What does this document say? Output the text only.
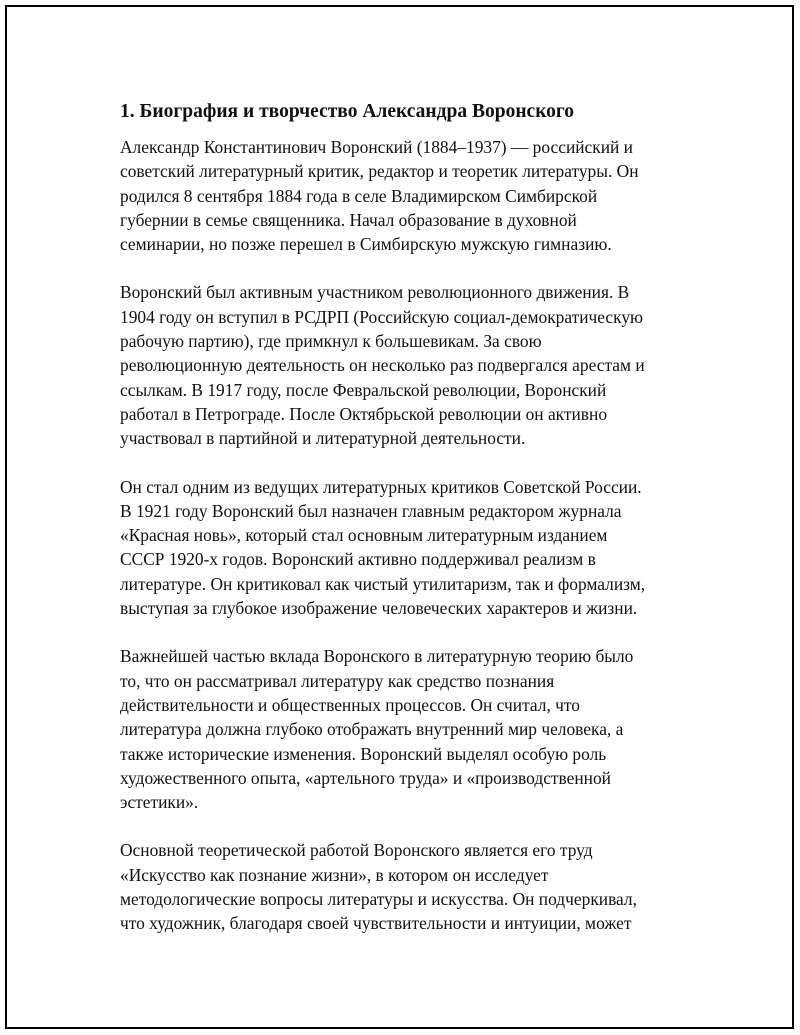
1. Биография и творчество Александра Воронского

Александр Константинович Воронский (1884–1937) — российский и
советский литературный критик, редактор и теоретик литературы. Он
родился 8 сентября 1884 года в селе Владимирском Симбирской
губернии в семье священника. Начал образование в духовной
семинарии, но позже перешел в Симбирскую мужскую гимназию.

Воронский был активным участником революционного движения. В
1904 году он вступил в РСДРП (Российскую социал-демократическую
рабочую партию), где примкнул к большевикам. За свою
революционную деятельность он несколько раз подвергался арестам и
ссылкам. В 1917 году, после Февральской революции, Воронский
работал в Петрограде. После Октябрьской революции он активно
участвовал в партийной и литературной деятельности.

Он стал одним из ведущих литературных критиков Советской России.
В 1921 году Воронский был назначен главным редактором журнала
«Красная новь», который стал основным литературным изданием
СССР 1920-х годов. Воронский активно поддерживал реализм в
литературе. Он критиковал как чистый утилитаризм, так и формализм,
выступая за глубокое изображение человеческих характеров и жизни.

Важнейшей частью вклада Воронского в литературную теорию было
то, что он рассматривал литературу как средство познания
действительности и общественных процессов. Он считал, что
литература должна глубоко отображать внутренний мир человека, а
также исторические изменения. Воронский выделял особую роль
художественного опыта, «артельного труда» и «производственной
эстетики».

Основной теоретической работой Воронского является его труд
«Искусство как познание жизни», в котором он исследует
методологические вопросы литературы и искусства. Он подчеркивал,
что художник, благодаря своей чувствительности и интуиции, может
